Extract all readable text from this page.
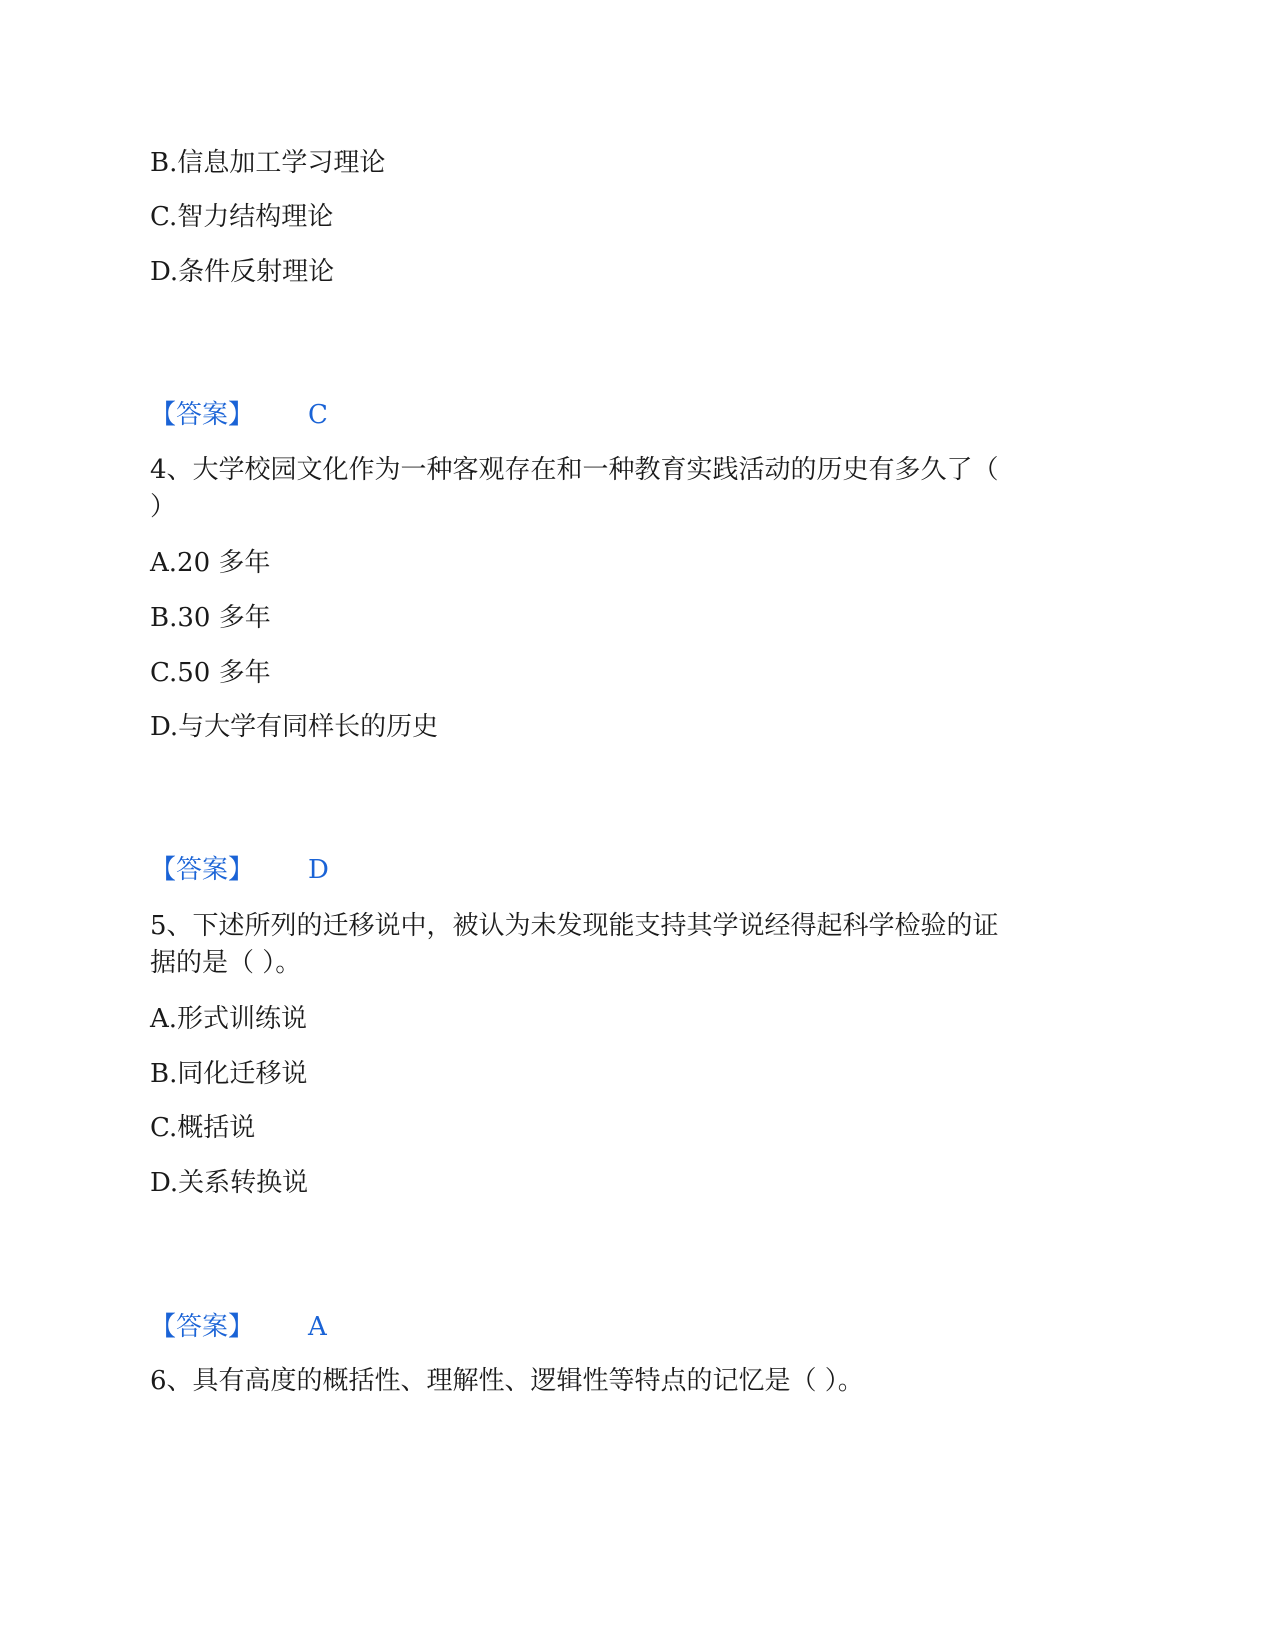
B.信息加工学习理论
C.智力结构理论
D.条件反射理论
【答案】 C
4、大学校园文化作为一种客观存在和一种教育实践活动的历史有多久了（
）
A.20 多年
B.30 多年
C.50 多年
D.与大学有同样长的历史
【答案】 D
5、下述所列的迁移说中，被认为未发现能支持其学说经得起科学检验的证
据的是（ ）。
A.形式训练说
B.同化迁移说
C.概括说
D.关系转换说
【答案】 A
6、具有高度的概括性、理解性、逻辑性等特点的记忆是（ ）。
